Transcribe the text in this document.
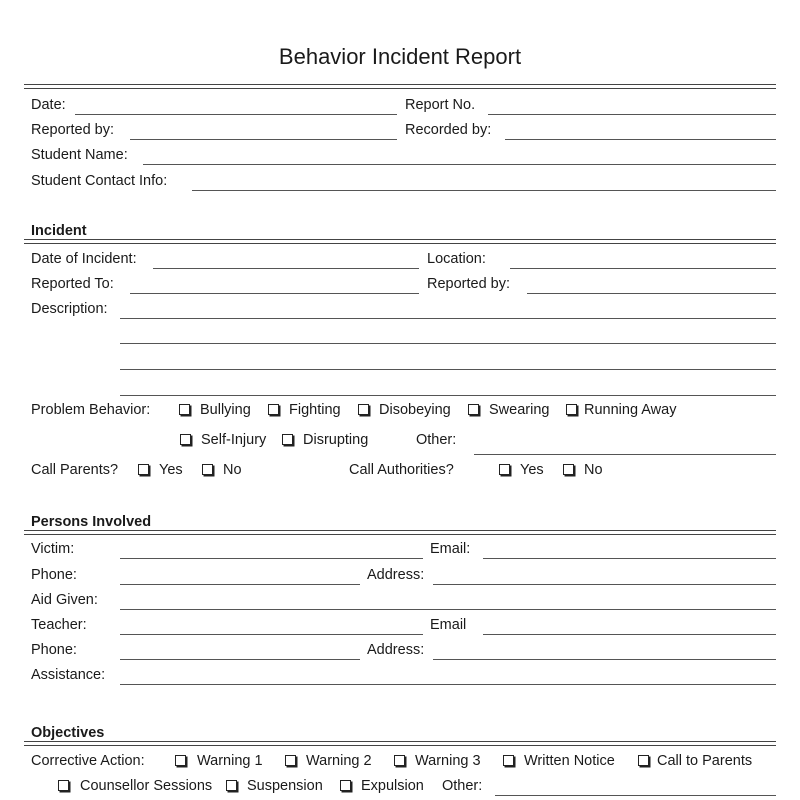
Behavior Incident Report
Date:	Report No.
Reported by:	Recorded by:
Student Name:
Student Contact Info:
Incident
Date of Incident:	Location:
Reported To:	Reported by:
Description:
Problem Behavior:	Bullying	Fighting	Disobeying	Swearing Running Away
Self-Injury	Disrupting	Other:
Call Parents?	Yes	No	Call Authorities?	Yes	No
Persons Involved
Victim:	Email:
Phone:	Address:
Aid Given:
Teacher:	Email
Phone:	Address:
Assistance:
Objectives
Corrective Action:	Warning 1	Warning 2	Warning 3	Written Notice	Call to Parents
Counsellor Sessions Suspension	Expulsion Other:
